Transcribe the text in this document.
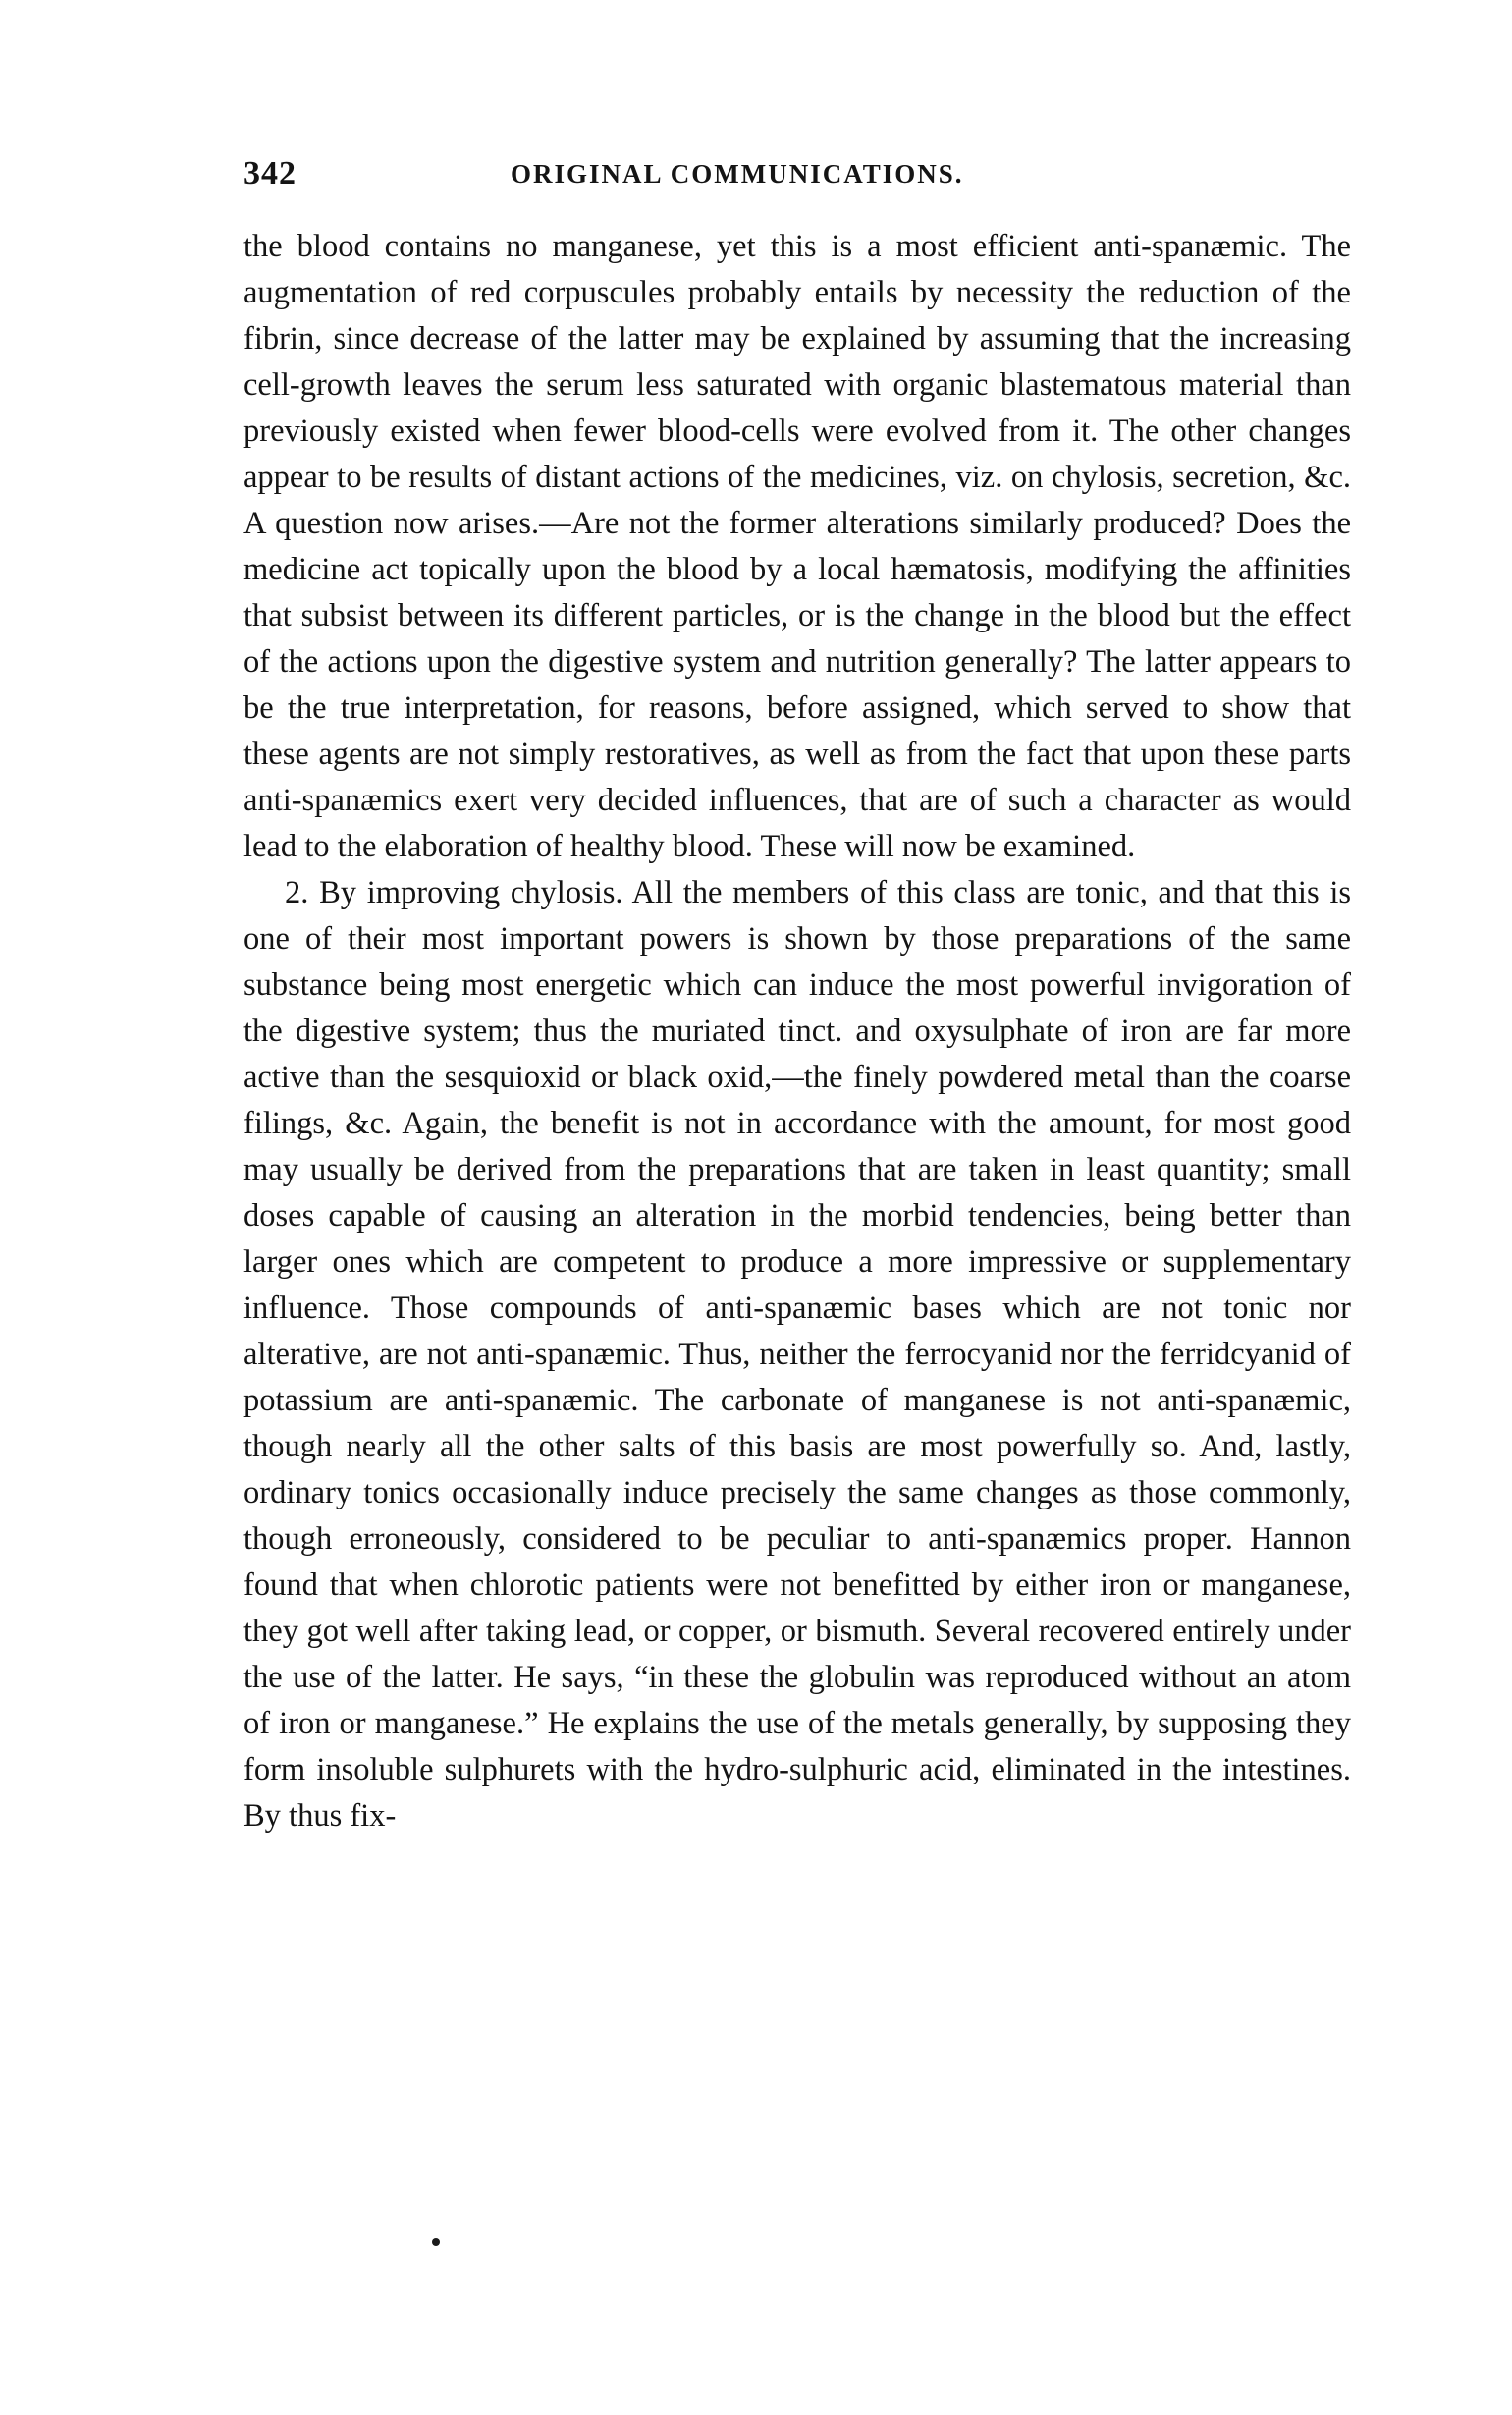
342	ORIGINAL COMMUNICATIONS.

the blood contains no manganese, yet this is a most efficient anti-spanæmic. The augmentation of red corpuscules probably entails by necessity the reduction of the fibrin, since decrease of the latter may be explained by assuming that the increasing cell-growth leaves the serum less saturated with organic blastematous material than previously existed when fewer blood-cells were evolved from it. The other changes appear to be results of distant actions of the medicines, viz. on chylosis, secretion, &c. A question now arises.—Are not the former alterations similarly produced? Does the medicine act topically upon the blood by a local hæmatosis, modifying the affinities that subsist between its different particles, or is the change in the blood but the effect of the actions upon the digestive system and nutrition generally? The latter appears to be the true interpretation, for reasons, before assigned, which served to show that these agents are not simply restoratives, as well as from the fact that upon these parts anti-spanæmics exert very decided influences, that are of such a character as would lead to the elaboration of healthy blood. These will now be examined.

2. By improving chylosis. All the members of this class are tonic, and that this is one of their most important powers is shown by those preparations of the same substance being most energetic which can induce the most powerful invigoration of the digestive system; thus the muriated tinct. and oxysulphate of iron are far more active than the sesquioxid or black oxid,—the finely powdered metal than the coarse filings, &c. Again, the benefit is not in accordance with the amount, for most good may usually be derived from the preparations that are taken in least quantity; small doses capable of causing an alteration in the morbid tendencies, being better than larger ones which are competent to produce a more impressive or supplementary influence. Those compounds of anti-spanæmic bases which are not tonic nor alterative, are not anti-spanæmic. Thus, neither the ferrocyanid nor the ferridcyanid of potassium are anti-spanæmic. The carbonate of manganese is not anti-spanæmic, though nearly all the other salts of this basis are most powerfully so. And, lastly, ordinary tonics occasionally induce precisely the same changes as those commonly, though erroneously, considered to be peculiar to anti-spanæmics proper. Hannon found that when chlorotic patients were not benefitted by either iron or manganese, they got well after taking lead, or copper, or bismuth. Several recovered entirely under the use of the latter. He says, “in these the globulin was reproduced without an atom of iron or manganese.” He explains the use of the metals generally, by supposing they form insoluble sulphurets with the hydro-sulphuric acid, eliminated in the intestines. By thus fix-
